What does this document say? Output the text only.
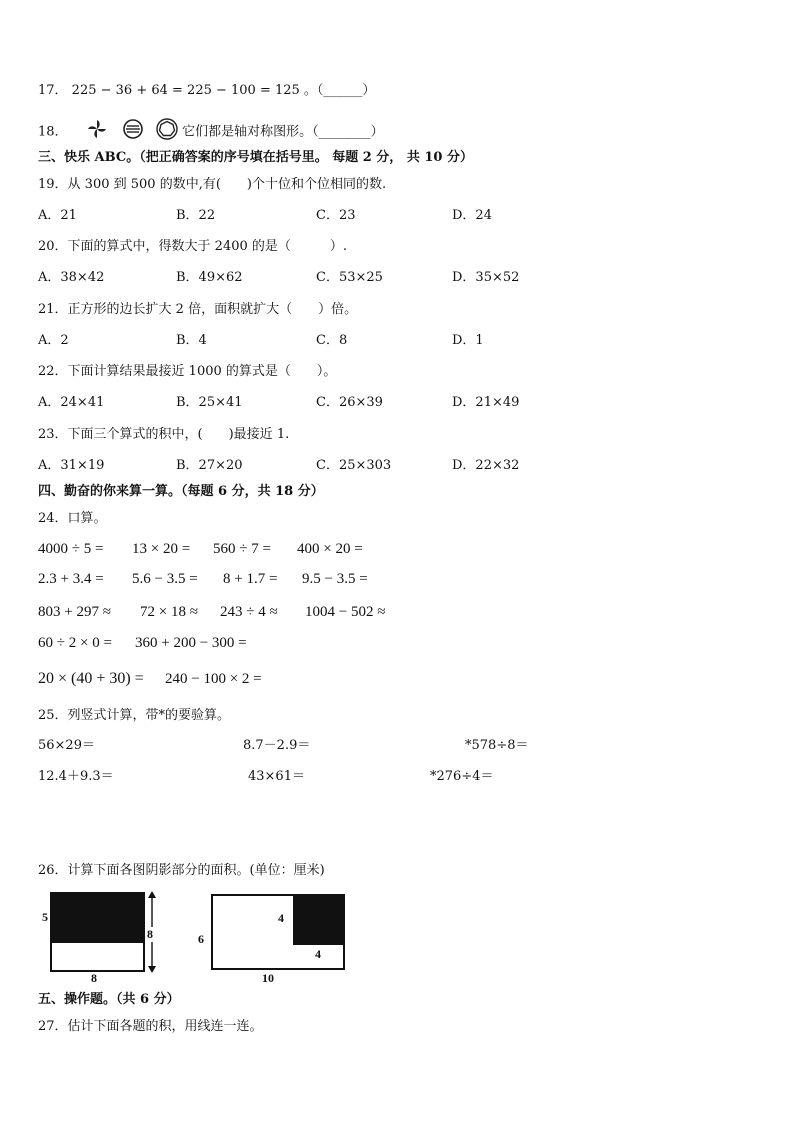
17． 225 − 36 + 64 = 225 − 100 = 125 。（______）
18．	它们都是轴对称图形。（________）
三、快乐 ABC。（把正确答案的序号填在括号里。 每题 2 分， 共 10 分）
19．从 300 到 500 的数中,有(　　)个十位和个位相同的数.
A．21	B．22	C．23	D．24
20．下面的算式中，得数大于 2400 的是（　　　）.
A．38×42	B．49×62	C．53×25	D．35×52
21．正方形的边长扩大 2 倍，面积就扩大（　　）倍。
A．2	B．4	C．8	D．1
22．下面计算结果最接近 1000 的算式是（　　）。
A．24×41	B．25×41	C．26×39	D．21×49
23．下面三个算式的积中，(　　)最接近 1.
A．31×19	B．27×20	C．25×303	D．22×32
四、勤奋的你来算一算。（每题 6 分，共 18 分）
24．口算。
4000 ÷ 5 = 13 × 20 = 560 ÷ 7 = 400 × 20 =
2.3 + 3.4 = 5.6 − 3.5 = 8 + 1.7 = 9.5 − 3.5 =
803 + 297 ≈ 72 × 18 ≈ 243 ÷ 4 ≈ 1004 − 502 ≈
60 ÷ 2 × 0 = 360 + 200 − 300 =
20 × (40 + 30) = 240 − 100 × 2 =
25．列竖式计算，带*的要验算。
56×29＝	8.7－2.9＝	*578÷8＝
12.4＋9.3＝	43×61＝	*276÷4＝
26．计算下面各图阴影部分的面积。(单位：厘米)
5
8
8
6
4
4
10
五、操作题。（共 6 分）
27．估计下面各题的积，用线连一连。
